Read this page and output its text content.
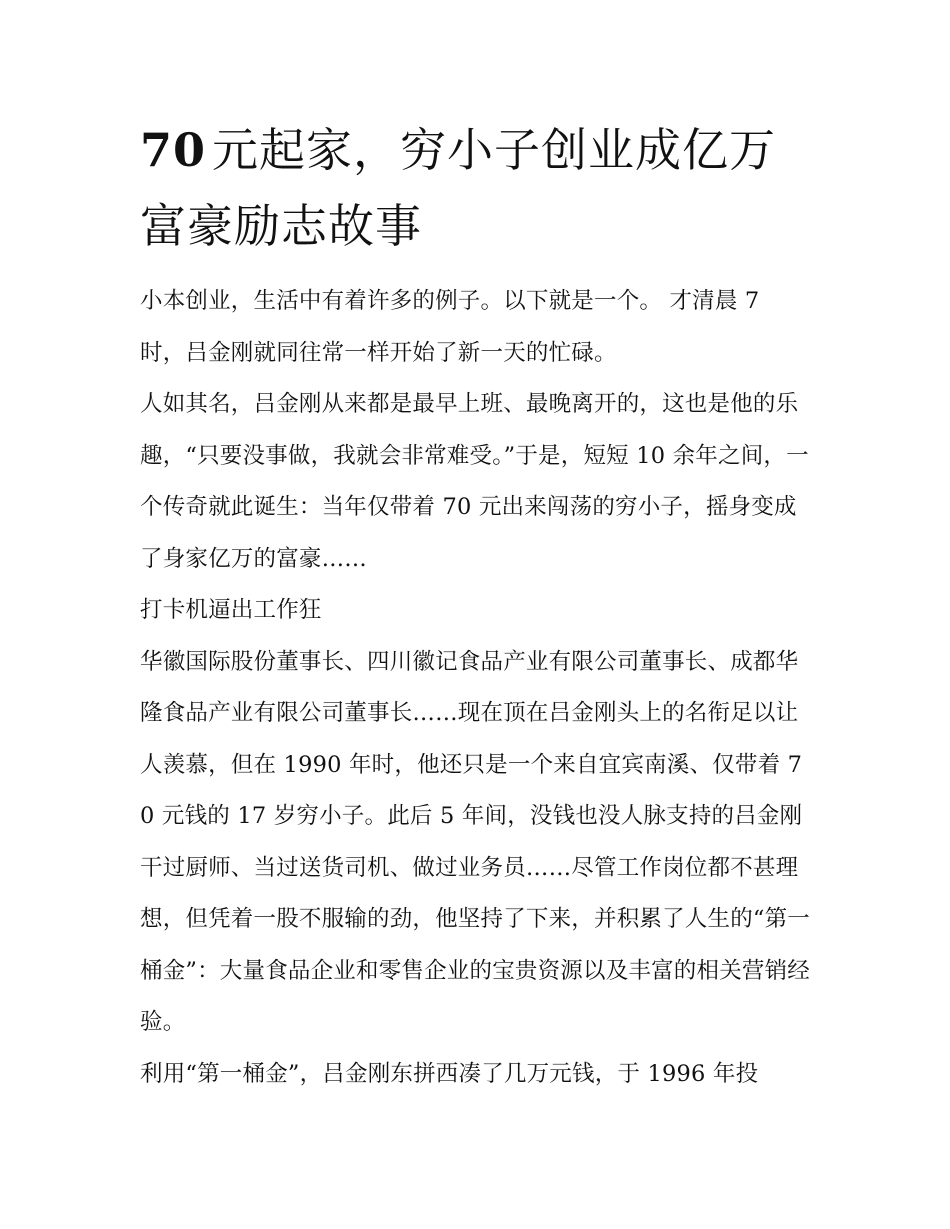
70 元起家，穷小子创业成亿万富豪励志故事

小本创业，生活中有着许多的例子。以下就是一个。 才清晨 7 时，吕金刚就同往常一样开始了新一天的忙碌。

人如其名，吕金刚从来都是最早上班、最晚离开的，这也是他的乐趣，“只要没事做，我就会非常难受。”于是，短短 10 余年之间，一个传奇就此诞生：当年仅带着 70 元出来闯荡的穷小子，摇身变成了身家亿万的富豪……

打卡机逼出工作狂

华徽国际股份董事长、四川徽记食品产业有限公司董事长、成都华隆食品产业有限公司董事长……现在顶在吕金刚头上的名衔足以让人羡慕，但在 1990 年时，他还只是一个来自宜宾南溪、仅带着 70 元钱的 17 岁穷小子。此后 5 年间，没钱也没人脉支持的吕金刚干过厨师、当过送货司机、做过业务员……尽管工作岗位都不甚理想，但凭着一股不服输的劲，他坚持了下来，并积累了人生的“第一桶金”：大量食品企业和零售企业的宝贵资源以及丰富的相关营销经验。

利用“第一桶金”，吕金刚东拼西凑了几万元钱，于 1996 年投
